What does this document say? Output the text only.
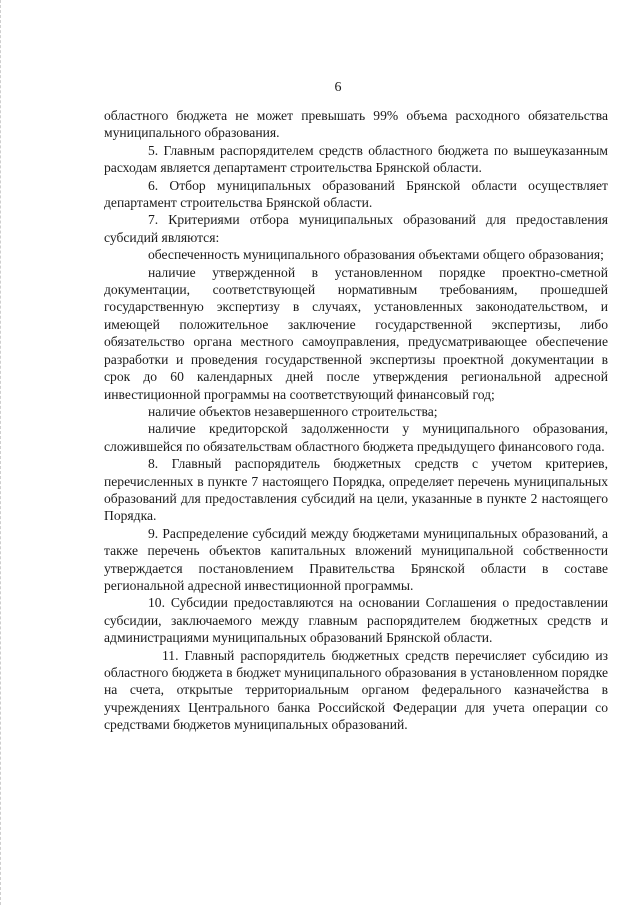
6

областного бюджета не может превышать 99% объема расходного обязательства муниципального образования.

5. Главным распорядителем средств областного бюджета по вышеуказанным расходам является департамент строительства Брянской области.

6. Отбор муниципальных образований Брянской области осуществляет департамент строительства Брянской области.

7. Критериями отбора муниципальных образований для предоставления субсидий являются:

обеспеченность муниципального образования объектами общего образования;

наличие утвержденной в установленном порядке проектно-сметной документации, соответствующей нормативным требованиям, прошедшей государственную экспертизу в случаях, установленных законодательством, и имеющей положительное заключение государственной экспертизы, либо обязательство органа местного самоуправления, предусматривающее обеспечение разработки и проведения государственной экспертизы проектной документации в срок до 60 календарных дней после утверждения региональной адресной инвестиционной программы на соответствующий финансовый год;

наличие объектов незавершенного строительства;

наличие кредиторской задолженности у муниципального образования, сложившейся по обязательствам областного бюджета предыдущего финансового года.

8. Главный распорядитель бюджетных средств с учетом критериев, перечисленных в пункте 7 настоящего Порядка, определяет перечень муниципальных образований для предоставления субсидий на цели, указанные в пункте 2 настоящего Порядка.

9. Распределение субсидий между бюджетами муниципальных образований, а также перечень объектов капитальных вложений муниципальной собственности утверждается постановлением Правительства Брянской области в составе региональной адресной инвестиционной программы.

10. Субсидии предоставляются на основании Соглашения о предоставлении субсидии, заключаемого между главным распорядителем бюджетных средств и администрациями муниципальных образований Брянской области.

11. Главный распорядитель бюджетных средств перечисляет субсидию из областного бюджета в бюджет муниципального образования в установленном порядке на счета, открытые территориальным органом федерального казначейства в учреждениях Центрального банка Российской Федерации для учета операции со средствами бюджетов муниципальных образований.
